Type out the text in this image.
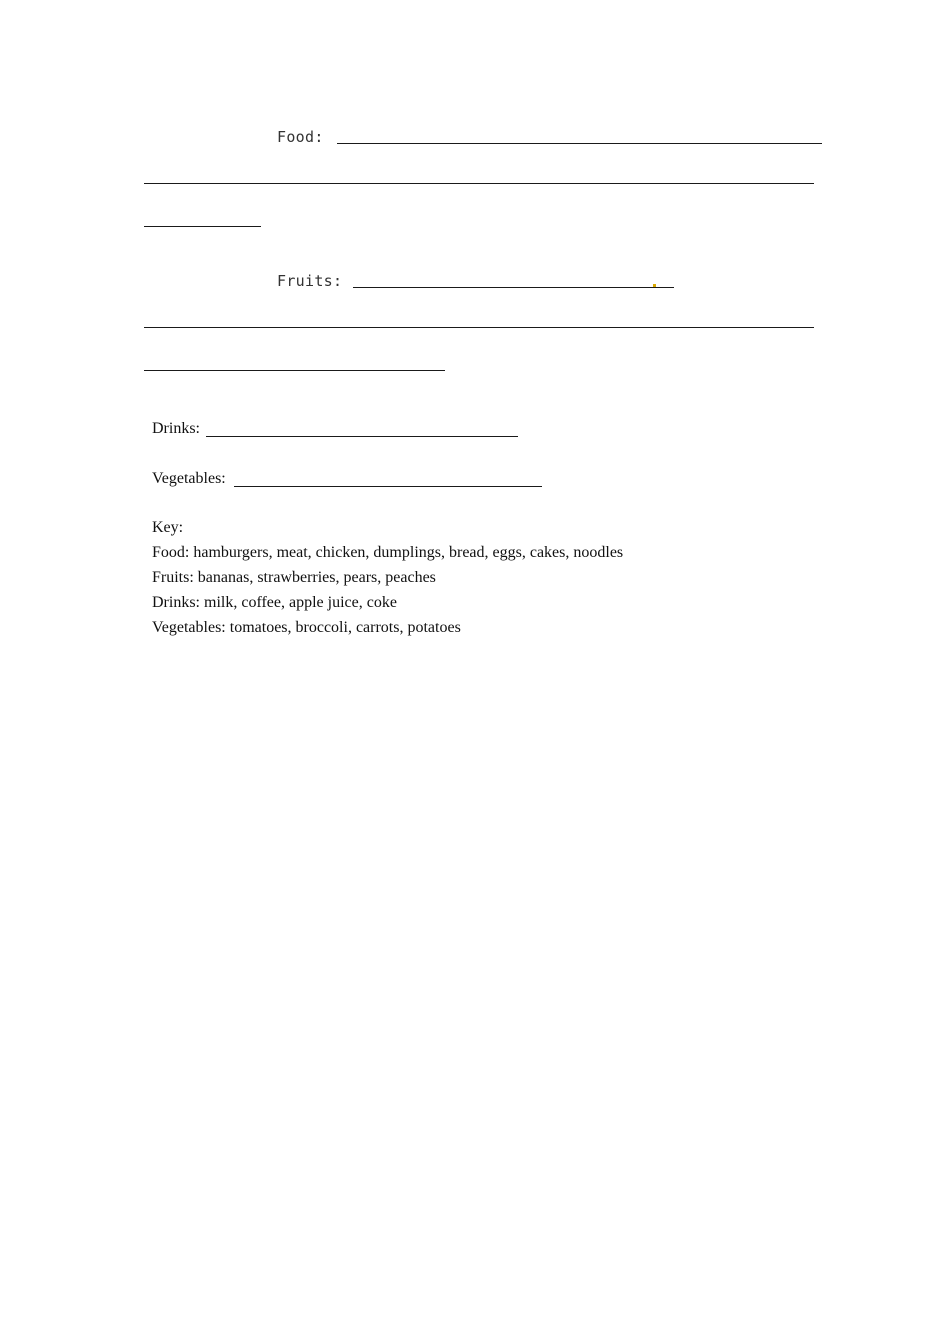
Food:
Fruits:
Drinks:
Vegetables:
Key:
Food: hamburgers, meat, chicken, dumplings, bread, eggs, cakes, noodles
Fruits: bananas, strawberries, pears, peaches
Drinks: milk, coffee, apple juice, coke
Vegetables: tomatoes, broccoli, carrots, potatoes
